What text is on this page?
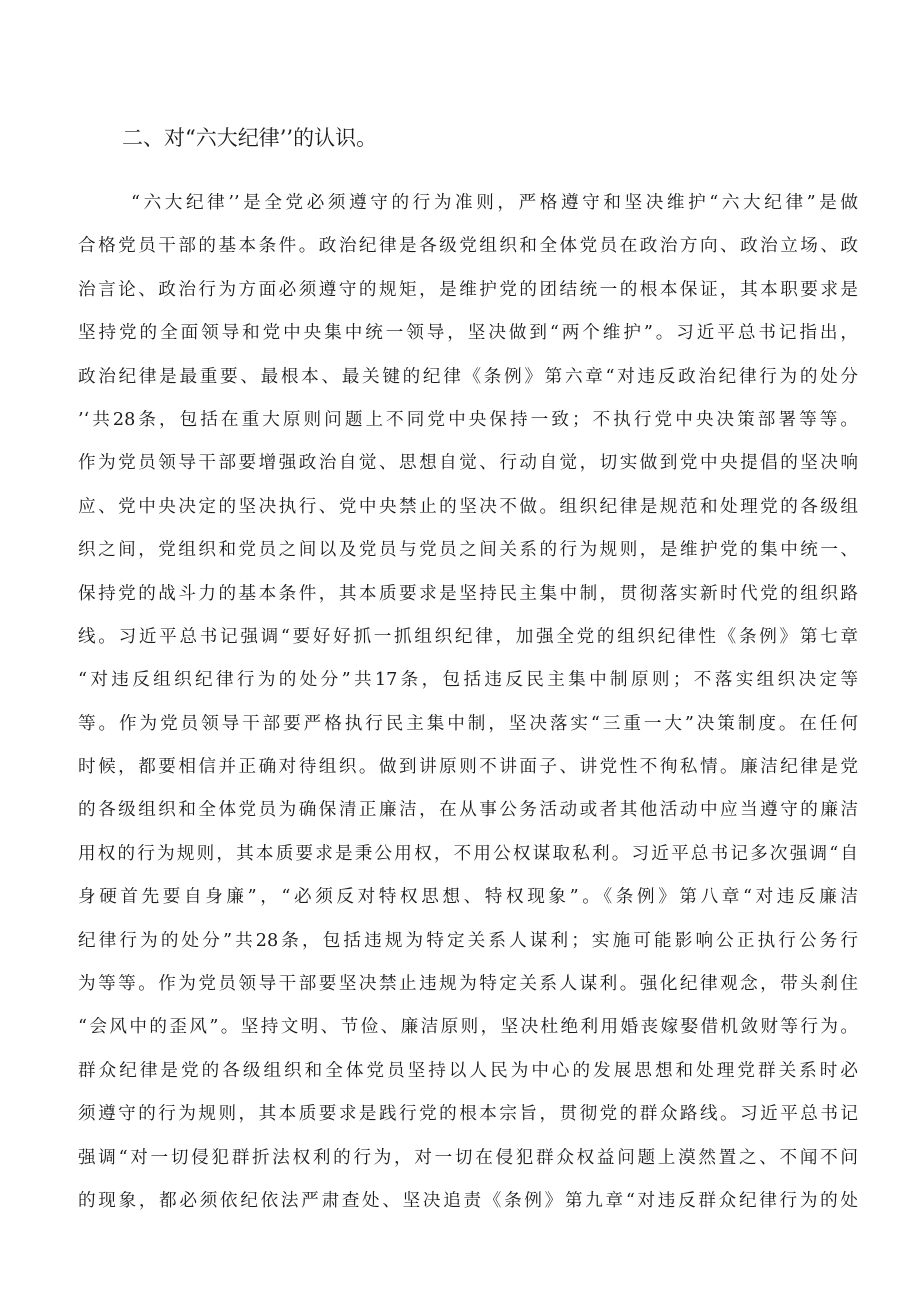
二、对“六大纪律’’的认识。
“六大纪律’’是全党必须遵守的行为准则，严格遵守和坚决维护“六大纪律”是做
合格党员干部的基本条件。政治纪律是各级党组织和全体党员在政治方向、政治立场、政
治言论、政治行为方面必须遵守的规矩，是维护党的团结统一的根本保证，其本职要求是
坚持党的全面领导和党中央集中统一领导，坚决做到“两个维护”。习近平总书记指出，
政治纪律是最重要、最根本、最关键的纪律《条例》第六章“对违反政治纪律行为的处分
’‘共28条，包括在重大原则问题上不同党中央保持一致；不执行党中央决策部署等等。
作为党员领导干部要增强政治自觉、思想自觉、行动自觉，切实做到党中央提倡的坚决响
应、党中央决定的坚决执行、党中央禁止的坚决不做。组织纪律是规范和处理党的各级组
织之间，党组织和党员之间以及党员与党员之间关系的行为规则，是维护党的集中统一、
保持党的战斗力的基本条件，其本质要求是坚持民主集中制，贯彻落实新时代党的组织路
线。习近平总书记强调“要好好抓一抓组织纪律，加强全党的组织纪律性《条例》第七章
“对违反组织纪律行为的处分”共17条，包括违反民主集中制原则；不落实组织决定等
等。作为党员领导干部要严格执行民主集中制，坚决落实“三重一大”决策制度。在任何
时候，都要相信并正确对待组织。做到讲原则不讲面子、讲党性不徇私情。廉洁纪律是党
的各级组织和全体党员为确保清正廉洁，在从事公务活动或者其他活动中应当遵守的廉洁
用权的行为规则，其本质要求是秉公用权，不用公权谋取私利。习近平总书记多次强调“自
身硬首先要自身廉”，“必须反对特权思想、特权现象”。《条例》第八章“对违反廉洁
纪律行为的处分”共28条，包括违规为特定关系人谋利；实施可能影响公正执行公务行
为等等。作为党员领导干部要坚决禁止违规为特定关系人谋利。强化纪律观念，带头刹住
“会风中的歪风”。坚持文明、节俭、廉洁原则，坚决杜绝利用婚丧嫁娶借机敛财等行为。
群众纪律是党的各级组织和全体党员坚持以人民为中心的发展思想和处理党群关系时必
须遵守的行为规则，其本质要求是践行党的根本宗旨，贯彻党的群众路线。习近平总书记
强调“对一切侵犯群折法权利的行为，对一切在侵犯群众权益问题上漠然置之、不闻不问
的现象，都必须依纪依法严肃查处、坚决追责《条例》第九章“对违反群众纪律行为的处
